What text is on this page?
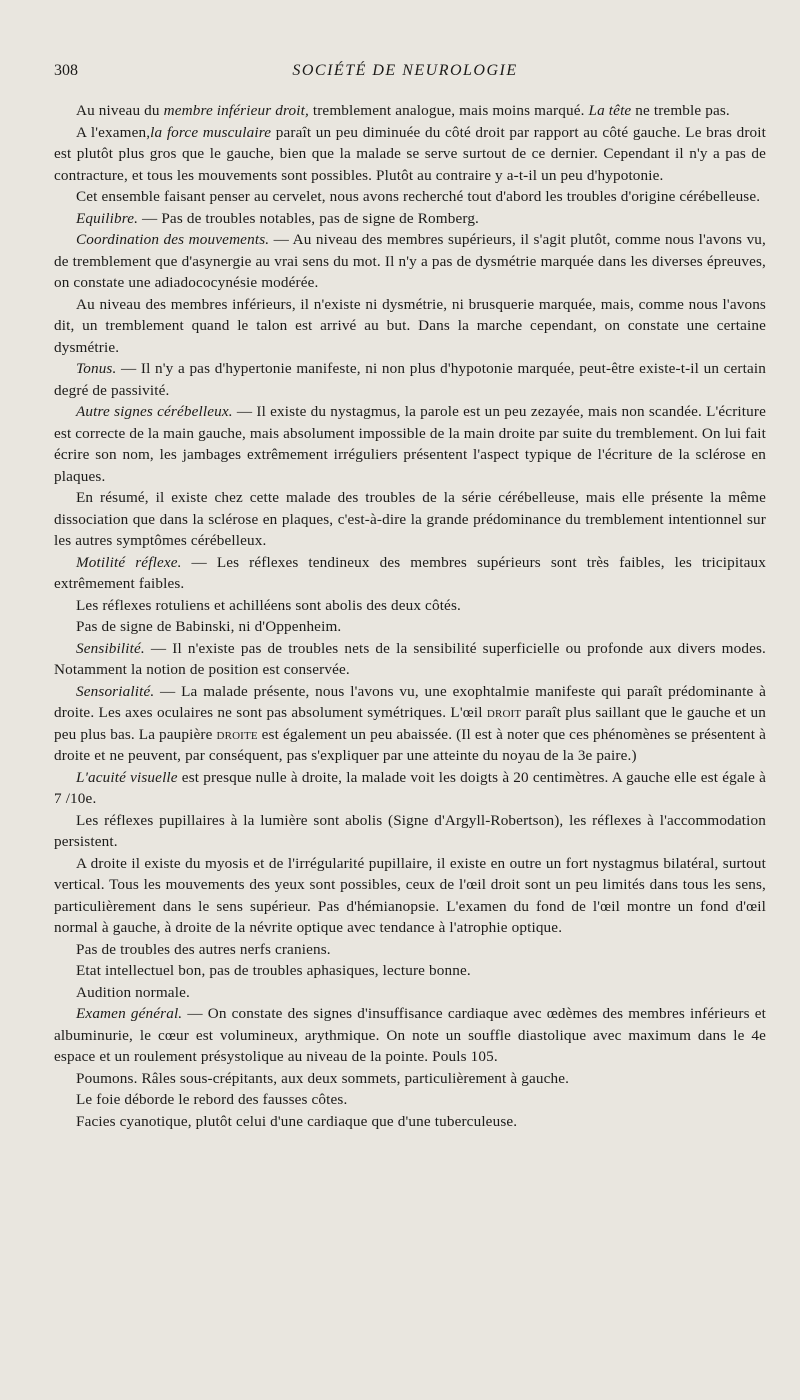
308	SOCIÉTÉ DE NEUROLOGIE

Au niveau du membre inférieur droit, tremblement analogue, mais moins marqué. La tête ne tremble pas.

A l'examen,la force musculaire paraît un peu diminuée du côté droit par rapport au côté gauche. Le bras droit est plutôt plus gros que le gauche, bien que la malade se serve surtout de ce dernier. Cependant il n'y a pas de contracture, et tous les mouvements sont possibles. Plutôt au contraire y a-t-il un peu d'hypotonie.

Cet ensemble faisant penser au cervelet, nous avons recherché tout d'abord les troubles d'origine cérébelleuse.

Equilibre. — Pas de troubles notables, pas de signe de Romberg.

Coordination des mouvements. — Au niveau des membres supérieurs, il s'agit plutôt, comme nous l'avons vu, de tremblement que d'asynergie au vrai sens du mot. Il n'y a pas de dysmétrie marquée dans les diverses épreuves, on constate une adiadococynésie modérée.

Au niveau des membres inférieurs, il n'existe ni dysmétrie, ni brusquerie marquée, mais, comme nous l'avons dit, un tremblement quand le talon est arrivé au but. Dans la marche cependant, on constate une certaine dysmétrie.

Tonus. — Il n'y a pas d'hypertonie manifeste, ni non plus d'hypotonie marquée, peut-être existe-t-il un certain degré de passivité.

Autre signes cérébelleux. — Il existe du nystagmus, la parole est un peu zezayée, mais non scandée. L'écriture est correcte de la main gauche, mais absolument impossible de la main droite par suite du tremblement. On lui fait écrire son nom, les jambages extrêmement irréguliers présentent l'aspect typique de l'écriture de la sclérose en plaques.

En résumé, il existe chez cette malade des troubles de la série cérébelleuse, mais elle présente la même dissociation que dans la sclérose en plaques, c'est-à-dire la grande prédominance du tremblement intentionnel sur les autres symptômes cérébelleux.

Motilité réflexe. — Les réflexes tendineux des membres supérieurs sont très faibles, les tricipitaux extrêmement faibles.

Les réflexes rotuliens et achilléens sont abolis des deux côtés.

Pas de signe de Babinski, ni d'Oppenheim.

Sensibilité. — Il n'existe pas de troubles nets de la sensibilité superficielle ou profonde aux divers modes. Notamment la notion de position est conservée.

Sensorialité. — La malade présente, nous l'avons vu, une exophtalmie manifeste qui paraît prédominante à droite. Les axes oculaires ne sont pas absolument symétriques. L'œil droit paraît plus saillant que le gauche et un peu plus bas. La paupière droite est également un peu abaissée. (Il est à noter que ces phénomènes se présentent à droite et ne peuvent, par conséquent, pas s'expliquer par une atteinte du noyau de la 3e paire.)

L'acuité visuelle est presque nulle à droite, la malade voit les doigts à 20 centimètres. A gauche elle est égale à 7 /10e.

Les réflexes pupillaires à la lumière sont abolis (Signe d'Argyll-Robertson), les réflexes à l'accommodation persistent.

A droite il existe du myosis et de l'irrégularité pupillaire, il existe en outre un fort nystagmus bilatéral, surtout vertical. Tous les mouvements des yeux sont possibles, ceux de l'œil droit sont un peu limités dans tous les sens, particulièrement dans le sens supérieur. Pas d'hémianopsie. L'examen du fond de l'œil montre un fond d'œil normal à gauche, à droite de la névrite optique avec tendance à l'atrophie optique.

Pas de troubles des autres nerfs craniens.

Etat intellectuel bon, pas de troubles aphasiques, lecture bonne.

Audition normale.

Examen général. — On constate des signes d'insuffisance cardiaque avec œdèmes des membres inférieurs et albuminurie, le cœur est volumineux, arythmique. On note un souffle diastolique avec maximum dans le 4e espace et un roulement présystolique au niveau de la pointe. Pouls 105.

Poumons. Râles sous-crépitants, aux deux sommets, particulièrement à gauche.

Le foie déborde le rebord des fausses côtes.

Facies cyanotique, plutôt celui d'une cardiaque que d'une tuberculeuse.
